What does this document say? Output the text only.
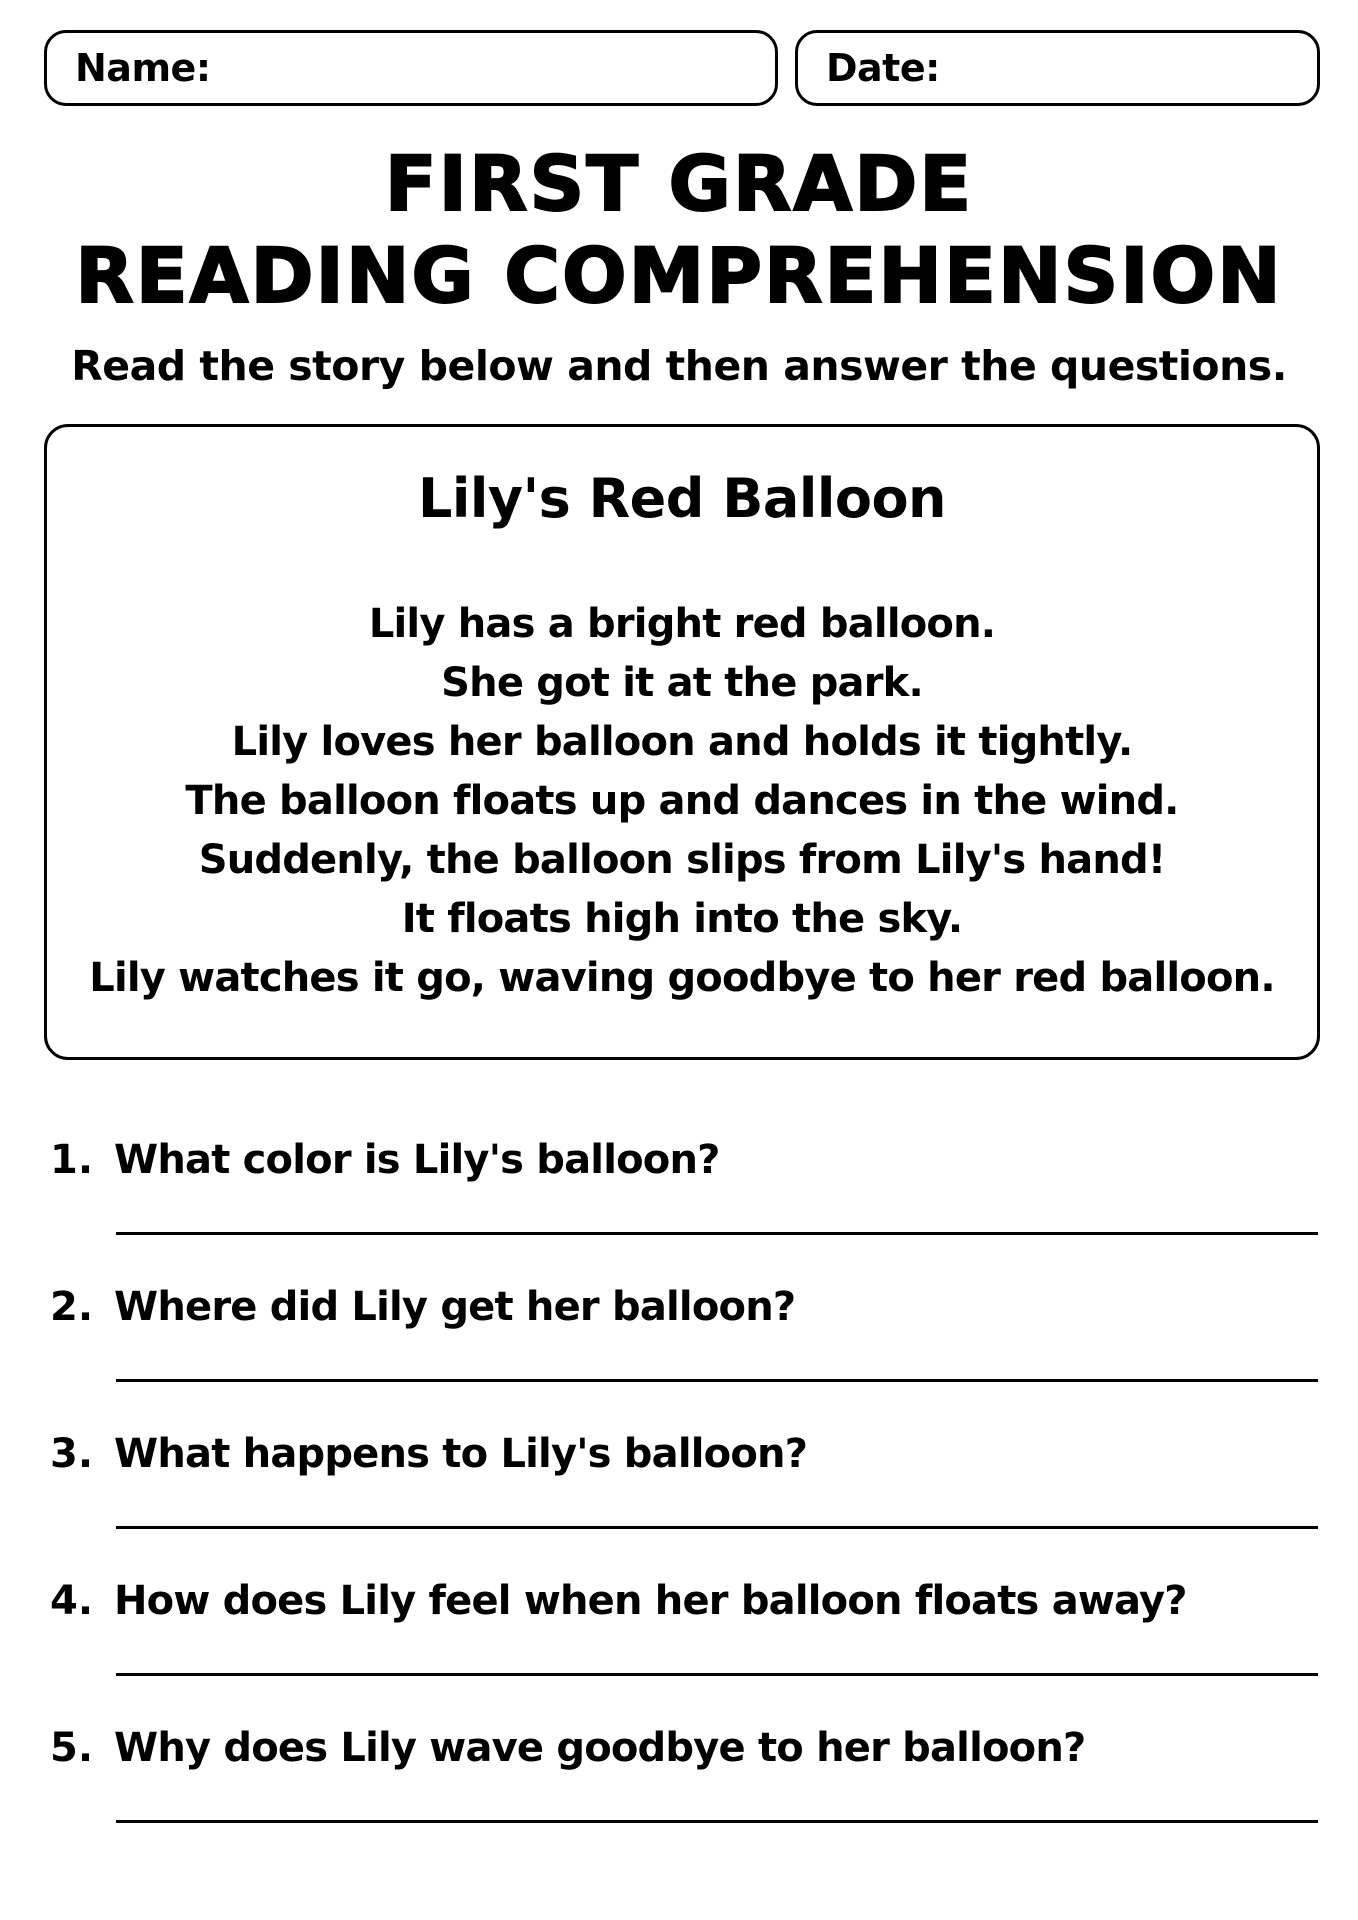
Name:	Date:
FIRST GRADE
READING COMPREHENSION
Read the story below and then answer the questions.
Lily's Red Balloon
Lily has a bright red balloon.
She got it at the park.
Lily loves her balloon and holds it tightly.
The balloon floats up and dances in the wind.
Suddenly, the balloon slips from Lily's hand!
It floats high into the sky.
Lily watches it go, waving goodbye to her red balloon.
1. What color is Lily's balloon?
2. Where did Lily get her balloon?
3. What happens to Lily's balloon?
4. How does Lily feel when her balloon floats away?
5. Why does Lily wave goodbye to her balloon?
